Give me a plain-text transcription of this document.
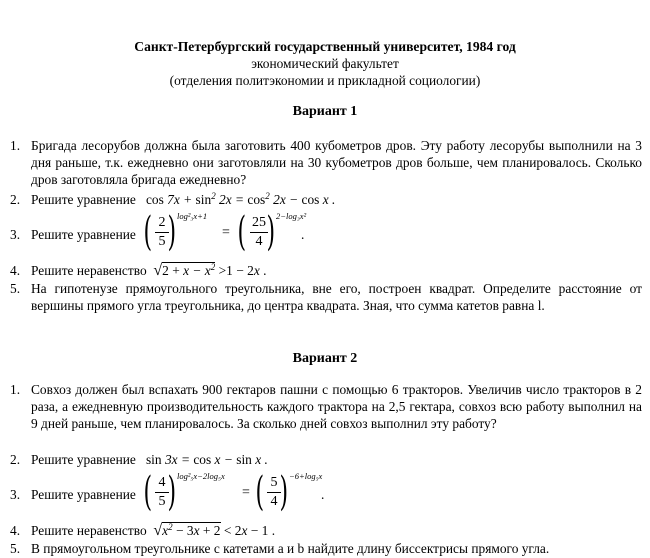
Санкт-Петербургский государственный университет, 1984 год
экономический факультет
(отделения политэкономии и прикладной социологии)
Вариант 1
1. Бригада лесорубов должна была заготовить 400 кубометров дров. Эту работу лесорубы выполнили на 3 дня раньше, т.к. ежедневно они заготовляли на 30 кубометров дров больше, чем планировалось. Сколько дров заготовляла бригада ежедневно?
2. Решите уравнение $\cos 7x + \sin^2 2x = \cos^2 2x - \cos x$ .
3. Решите уравнение ( 2
5 ) log²₃x+1
= ( 25
4 ) 2−log₃x²
.
4. Решите неравенство $√2 + x - x^2 >1 - 2x$ .
5. На гипотенузе прямоугольного треугольника, вне его, построен квадрат. Определите расстояние от вершины прямого угла треугольника, до центра квадрата. Зная, что сумма катетов равна l.
Вариант 2
1. Совхоз должен был вспахать 900 гектаров пашни с помощью 6 тракторов. Увеличив число тракторов в 2 раза, а ежедневную производительность каждого трактора на 2,5 гектара, совхоз всю работу выполнил на 9 дней раньше, чем планировалось. За сколько дней совхоз выполнил эту работу?
2. Решите уравнение sin 3x = cos x − sin x .
3. Решите уравнение ( 4
5 ) log²₅x−2log₅x
= ( 5
4 ) −6+log₅x
.
4. Решите неравенство $√x^2 - 3x + 2 < 2x - 1$ .
5. В прямоугольном треугольнике с катетами a и b найдите длину биссектрисы прямого угла.
